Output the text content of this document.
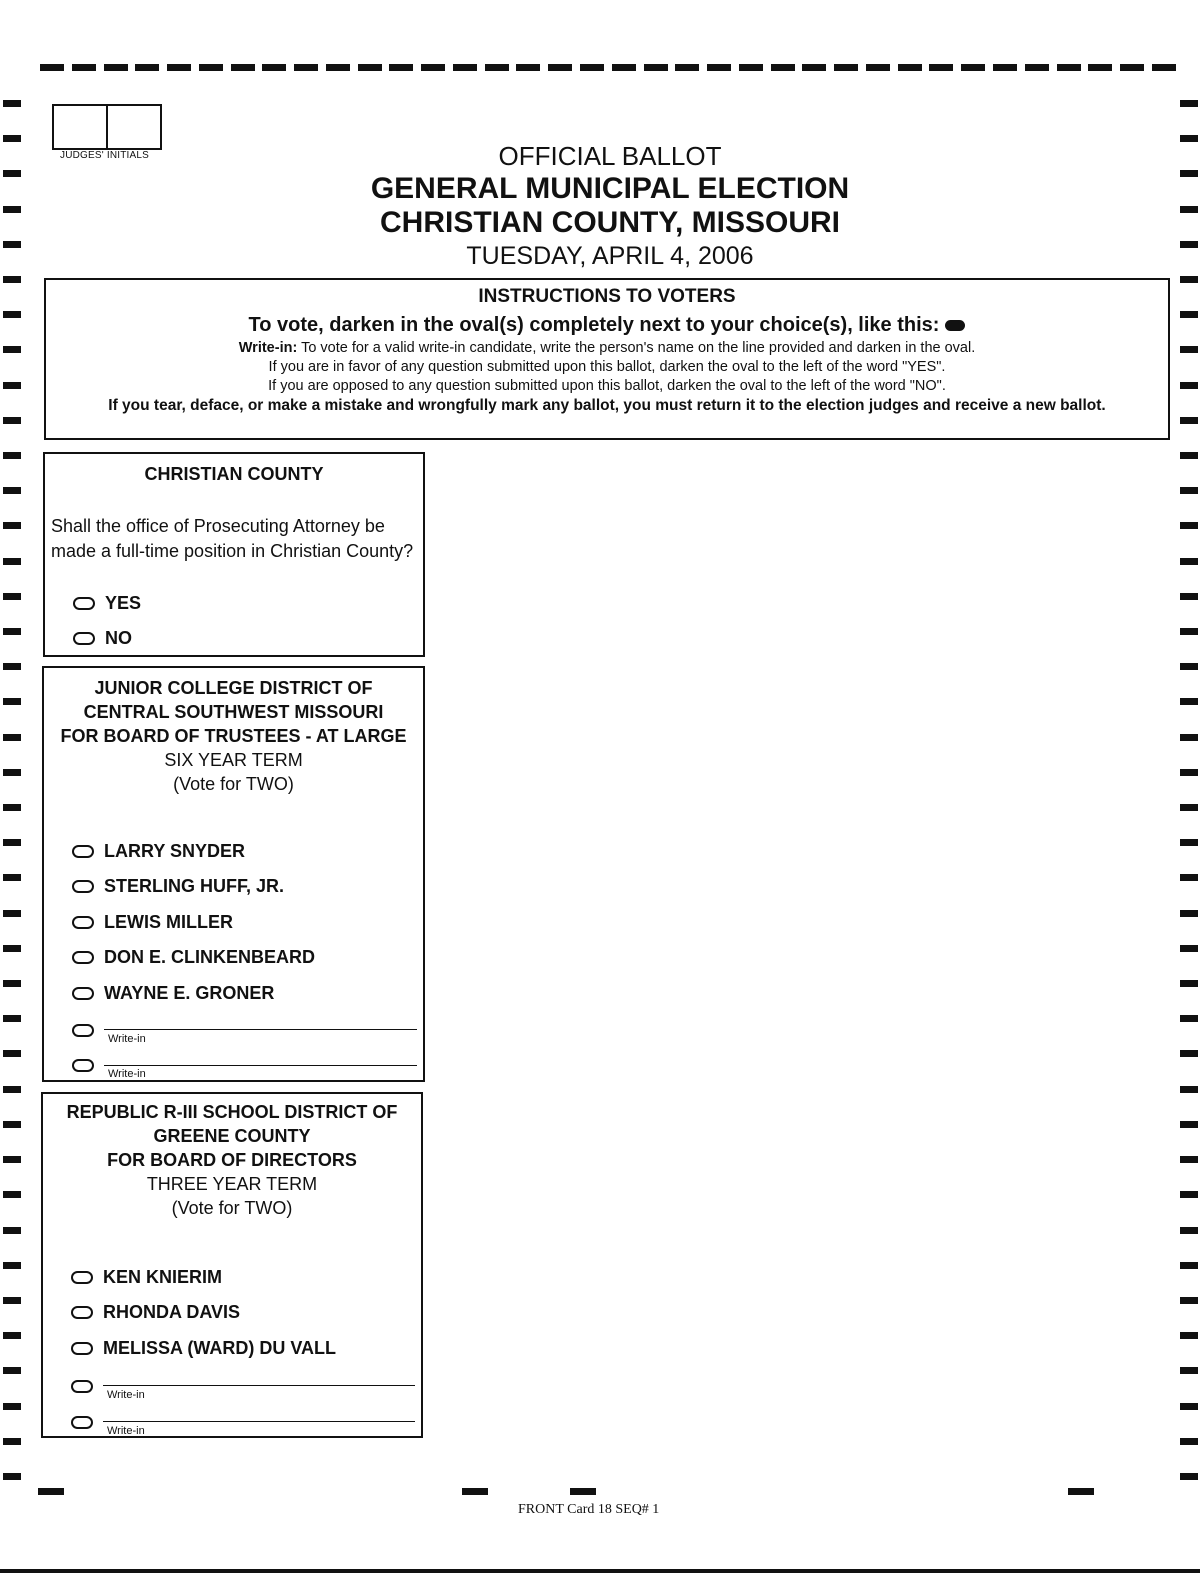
JUDGES' INITIALS	OFFICIAL BALLOT
GENERAL MUNICIPAL ELECTION
CHRISTIAN COUNTY, MISSOURI
TUESDAY, APRIL 4, 2006
INSTRUCTIONS TO VOTERS
To vote, darken in the oval(s) completely next to your choice(s), like this:
Write-in: To vote for a valid write-in candidate, write the person's name on the line provided and darken in the oval.
If you are in favor of any question submitted upon this ballot, darken the oval to the left of the word "YES".
If you are opposed to any question submitted upon this ballot, darken the oval to the left of the word "NO".
If you tear, deface, or make a mistake and wrongfully mark any ballot, you must return it to the election judges and receive a new ballot.
CHRISTIAN COUNTY
Shall the office of Prosecuting Attorney be
made a full-time position in Christian County?
YES
NO
JUNIOR COLLEGE DISTRICT OF
CENTRAL SOUTHWEST MISSOURI
FOR BOARD OF TRUSTEES - AT LARGE
SIX YEAR TERM
(Vote for TWO)
LARRY SNYDER
STERLING HUFF, JR.
LEWIS MILLER
DON E. CLINKENBEARD
WAYNE E. GRONER
Write-in
Write-in
REPUBLIC R-III SCHOOL DISTRICT OF
GREENE COUNTY
FOR BOARD OF DIRECTORS
THREE YEAR TERM
(Vote for TWO)
KEN KNIERIM
RHONDA DAVIS
MELISSA (WARD) DU VALL
Write-in
Write-in
FRONT Card 18 SEQ# 1
